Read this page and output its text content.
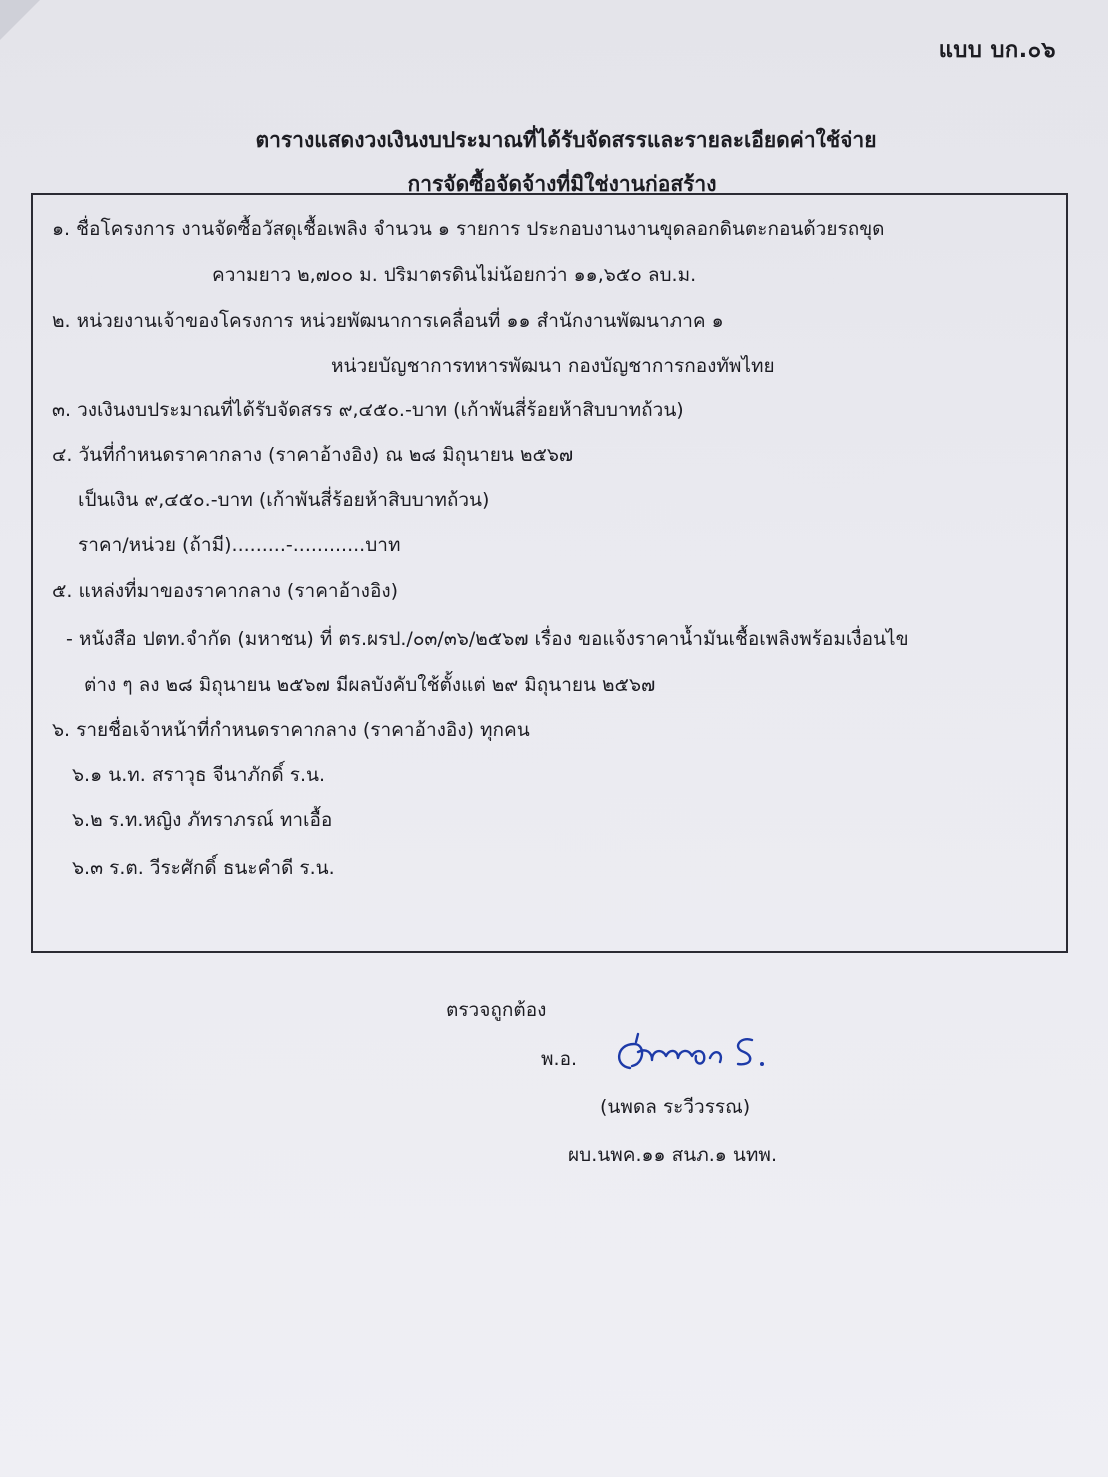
แบบ บก.๐๖
ตารางแสดงวงเงินงบประมาณที่ได้รับจัดสรรและรายละเอียดค่าใช้จ่าย
การจัดซื้อจัดจ้างที่มิใช่งานก่อสร้าง
๑. ชื่อโครงการ งานจัดซื้อวัสดุเชื้อเพลิง จำนวน ๑ รายการ ประกอบงานงานขุดลอกดินตะกอนด้วยรถขุด
ความยาว ๒,๗๐๐ ม. ปริมาตรดินไม่น้อยกว่า ๑๑,๖๕๐ ลบ.ม.
๒. หน่วยงานเจ้าของโครงการ หน่วยพัฒนาการเคลื่อนที่ ๑๑ สำนักงานพัฒนาภาค ๑
หน่วยบัญชาการทหารพัฒนา กองบัญชาการกองทัพไทย
๓. วงเงินงบประมาณที่ได้รับจัดสรร ๙,๔๕๐.-บาท (เก้าพันสี่ร้อยห้าสิบบาทถ้วน)
๔. วันที่กำหนดราคากลาง (ราคาอ้างอิง) ณ ๒๘ มิถุนายน ๒๕๖๗
เป็นเงิน ๙,๔๕๐.-บาท (เก้าพันสี่ร้อยห้าสิบบาทถ้วน)
ราคา/หน่วย (ถ้ามี).........-............บาท
๕. แหล่งที่มาของราคากลาง (ราคาอ้างอิง)
- หนังสือ ปตท.จำกัด (มหาชน) ที่ ตร.ผรป./๐๓/๓๖/๒๕๖๗ เรื่อง ขอแจ้งราคาน้ำมันเชื้อเพลิงพร้อมเงื่อนไข
ต่าง ๆ ลง ๒๘ มิถุนายน ๒๕๖๗ มีผลบังคับใช้ตั้งแต่ ๒๙ มิถุนายน ๒๕๖๗
๖. รายชื่อเจ้าหน้าที่กำหนดราคากลาง (ราคาอ้างอิง) ทุกคน
๖.๑ น.ท. สราวุธ จีนาภักดิ์ ร.น.
๖.๒ ร.ท.หญิง ภัทราภรณ์ ทาเอื้อ
๖.๓ ร.ต. วีระศักดิ์ ธนะคำดี ร.น.
ตรวจถูกต้อง
พ.อ.
(นพดล ระวีวรรณ)
ผบ.นพค.๑๑ สนภ.๑ นทพ.
